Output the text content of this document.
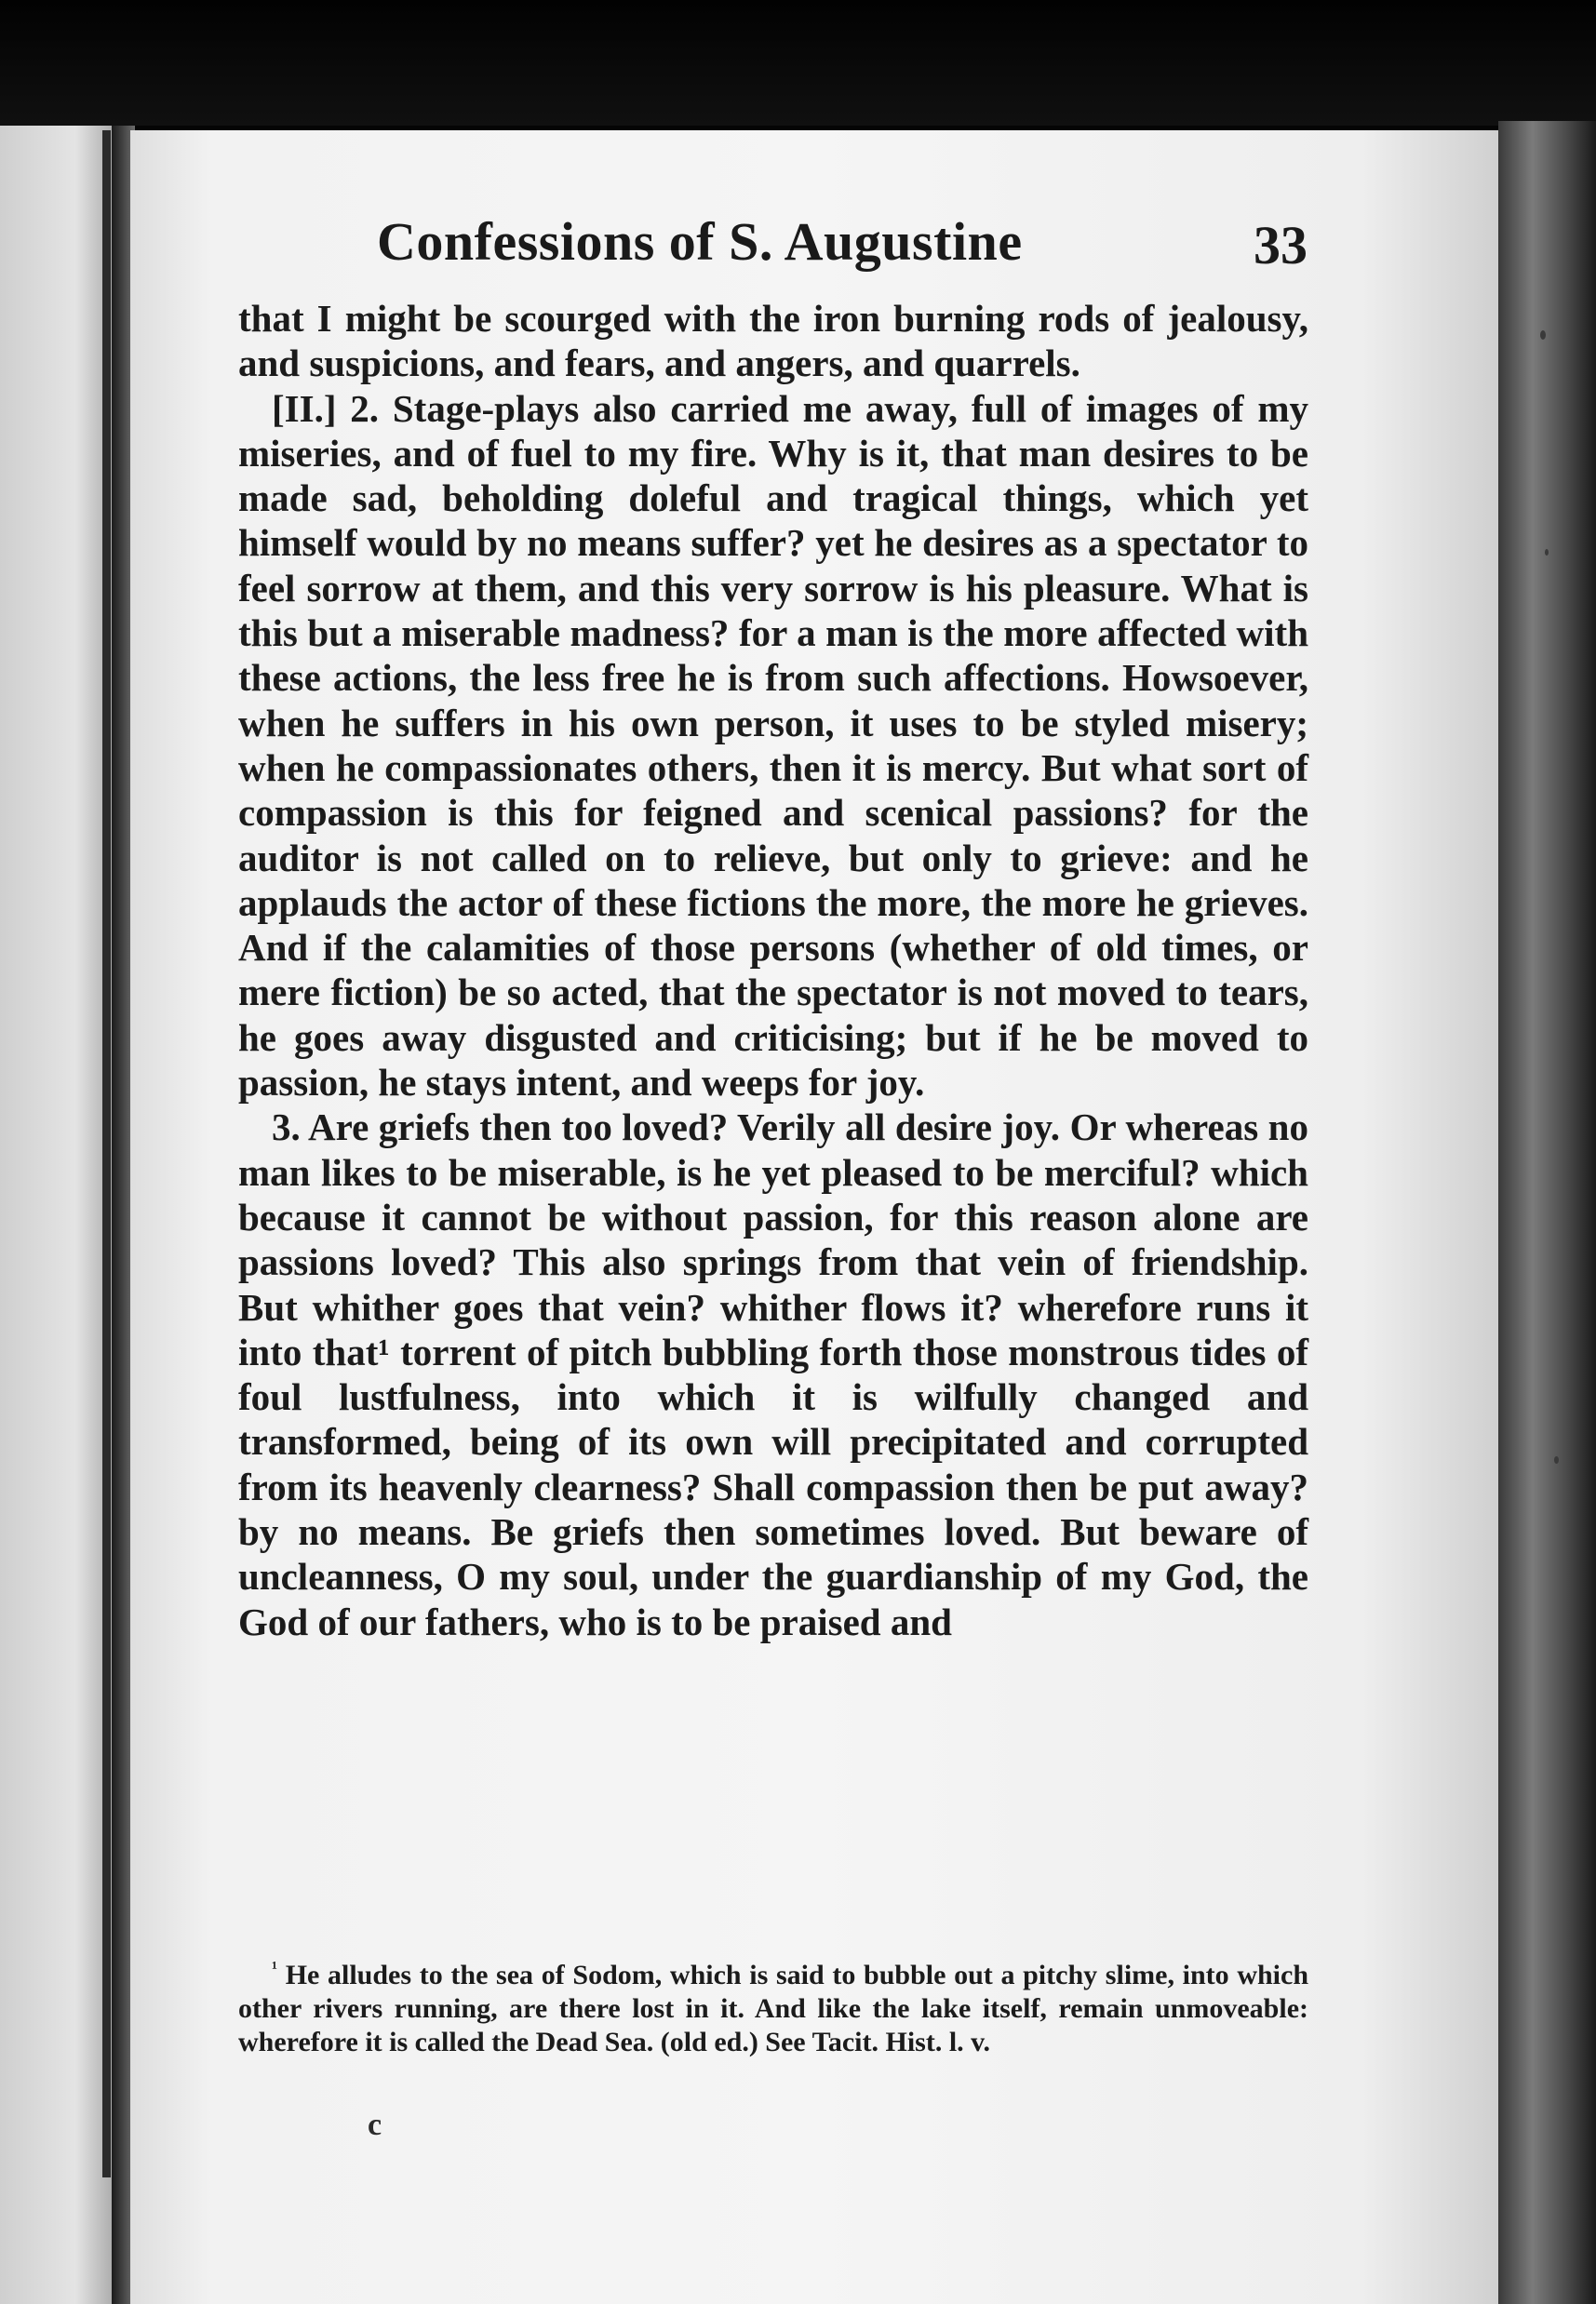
Confessions of S. Augustine	33

that I might be scourged with the iron burning rods of jealousy, and suspicions, and fears, and angers, and quarrels.

[II.] 2. Stage-plays also carried me away, full of images of my miseries, and of fuel to my fire. Why is it, that man desires to be made sad, beholding doleful and tragical things, which yet himself would by no means suffer? yet he desires as a spectator to feel sorrow at them, and this very sorrow is his pleasure. What is this but a miserable madness? for a man is the more affected with these actions, the less free he is from such affections. Howsoever, when he suffers in his own person, it uses to be styled misery; when he compassionates others, then it is mercy. But what sort of compassion is this for feigned and scenical passions? for the auditor is not called on to relieve, but only to grieve: and he applauds the actor of these fictions the more, the more he grieves. And if the calamities of those persons (whether of old times, or mere fiction) be so acted, that the spectator is not moved to tears, he goes away disgusted and criticising; but if he be moved to passion, he stays intent, and weeps for joy.

3. Are griefs then too loved? Verily all desire joy. Or whereas no man likes to be miserable, is he yet pleased to be merciful? which because it cannot be without passion, for this reason alone are passions loved? This also springs from that vein of friendship. But whither goes that vein? whither flows it? wherefore runs it into that¹ torrent of pitch bubbling forth those monstrous tides of foul lustfulness, into which it is wilfully changed and transformed, being of its own will precipitated and corrupted from its heavenly clearness? Shall compassion then be put away? by no means. Be griefs then sometimes loved. But beware of uncleanness, O my soul, under the guardianship of my God, the God of our fathers, who is to be praised and

$^{^1}$ He alludes to the sea of Sodom, which is said to bubble out a pitchy slime, into which other rivers running, are there lost in it. And like the lake itself, remain unmoveable: wherefore it is called the Dead Sea. (old ed.) See Tacit. Hist. l. v.

c
